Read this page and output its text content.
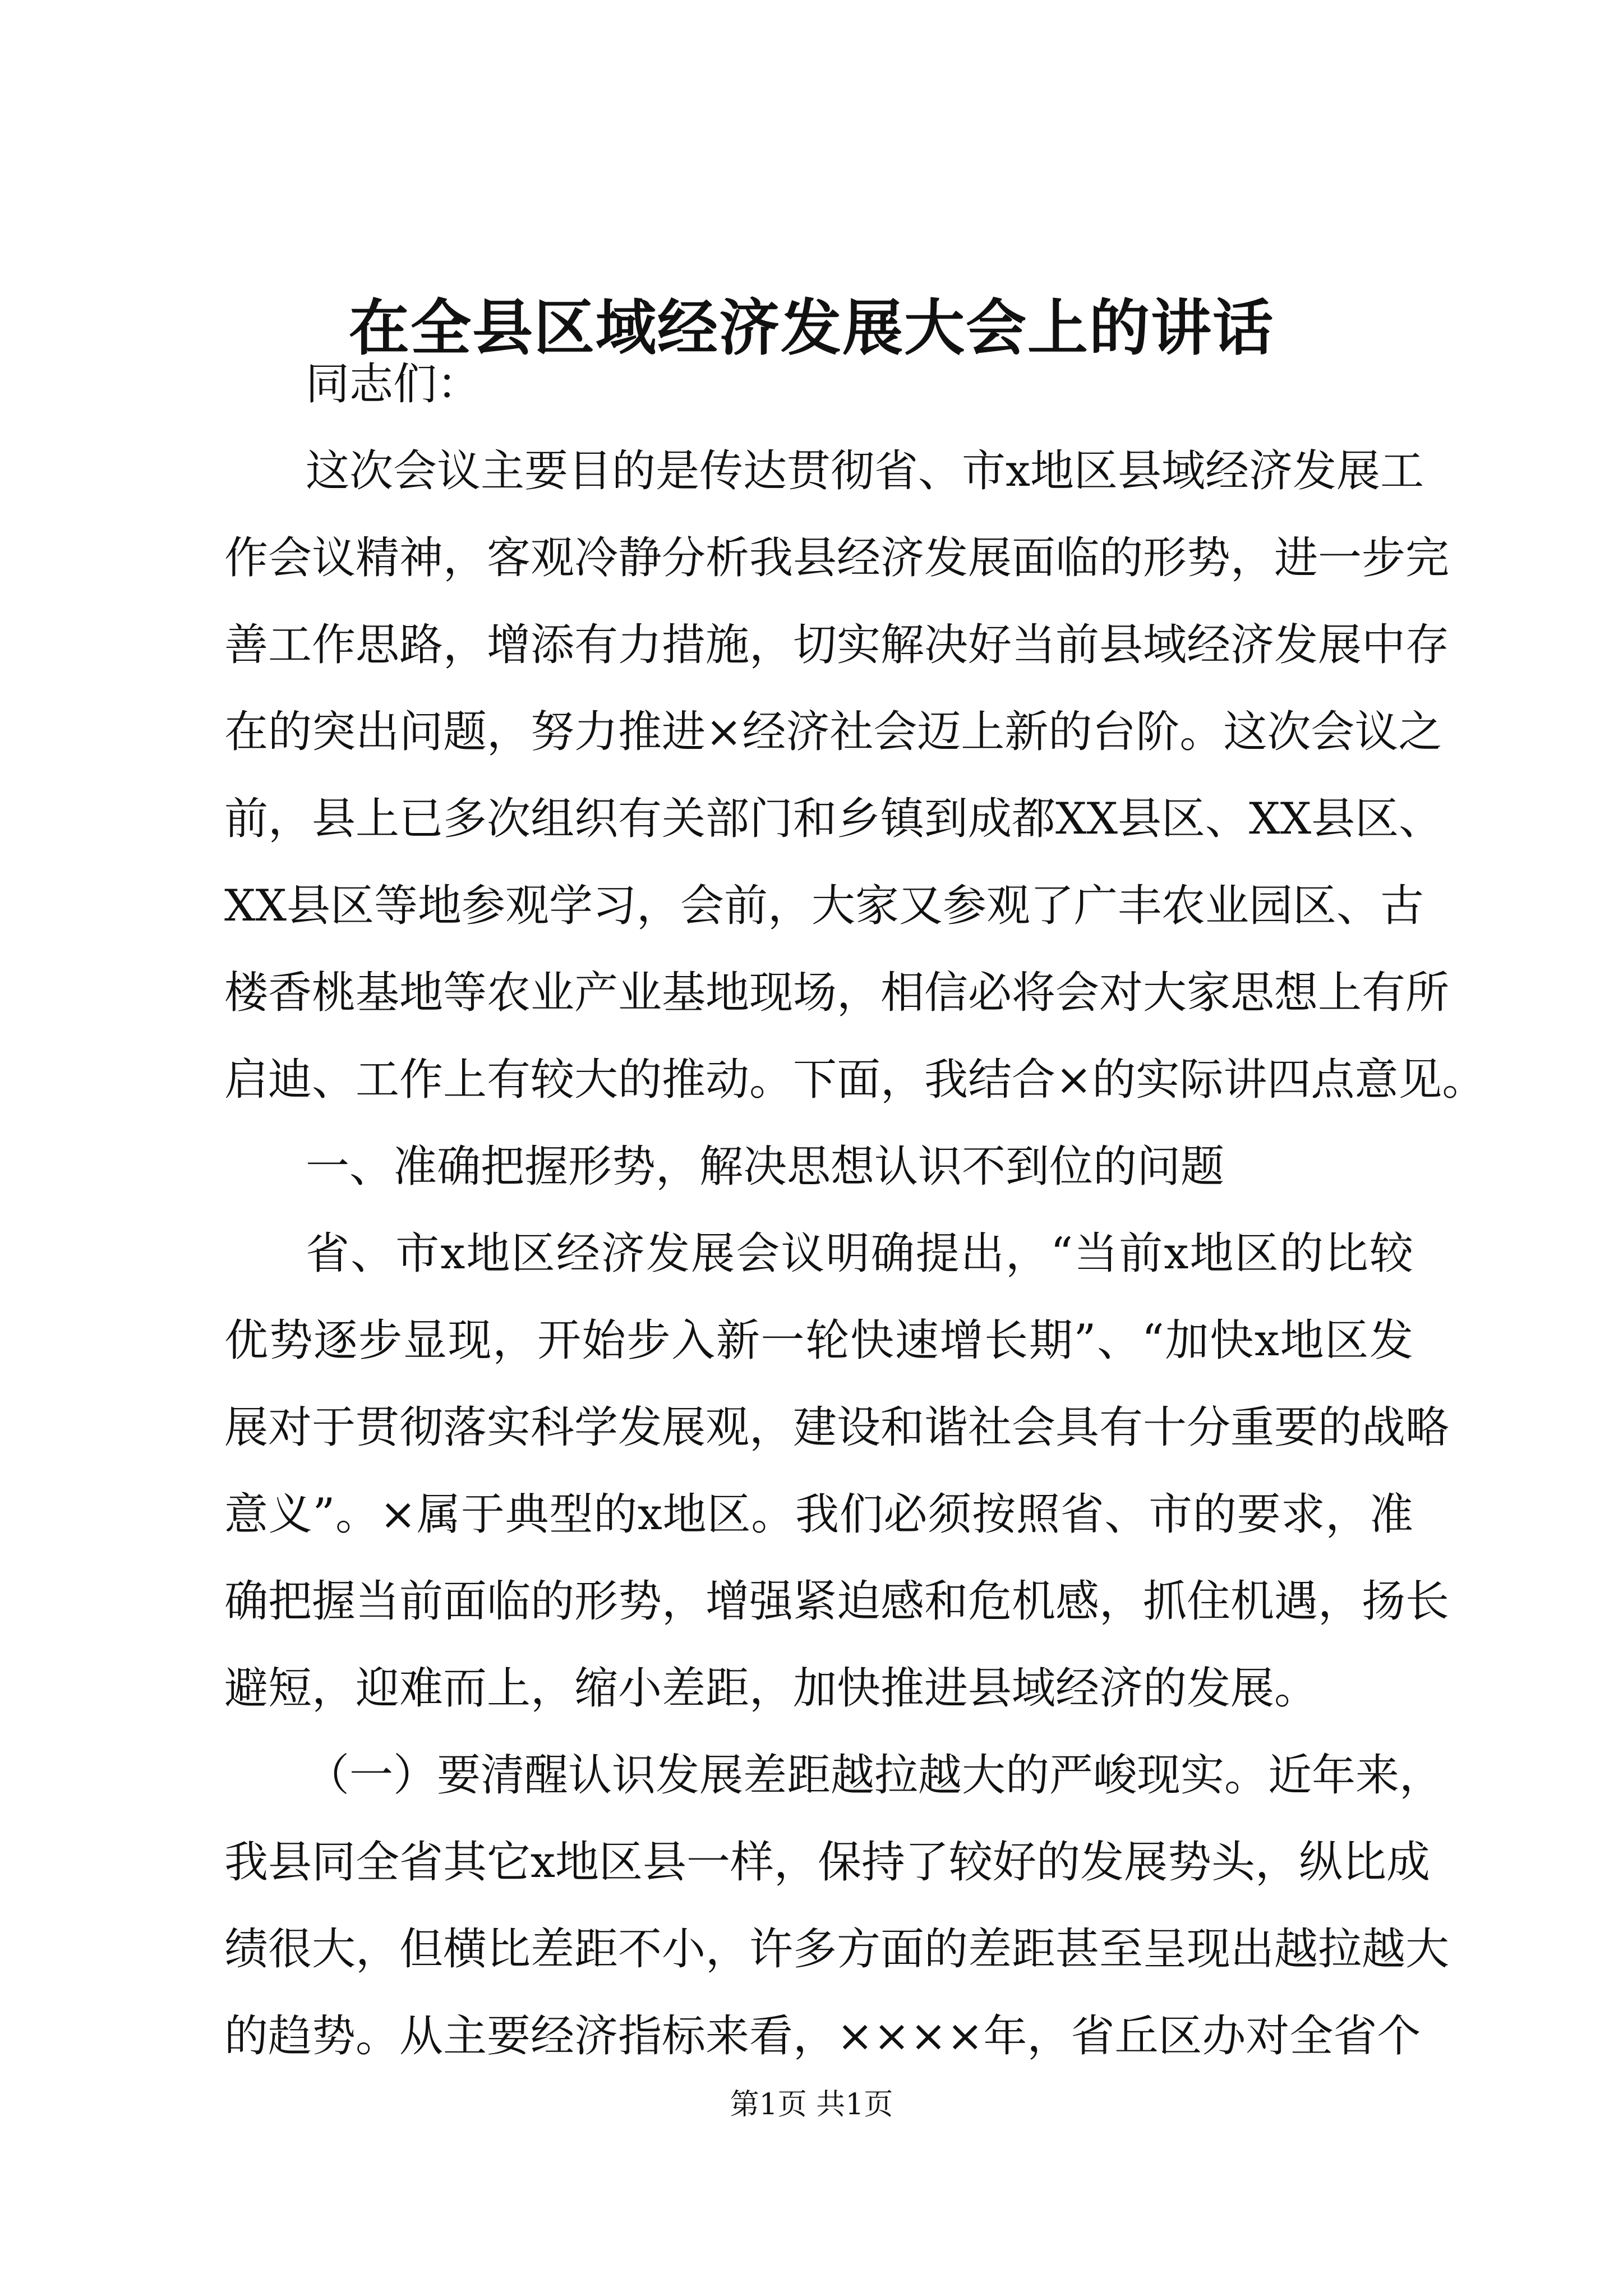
在全县区域经济发展大会上的讲话
同志们：
这次会议主要目的是传达贯彻省、市x地区县域经济发展工
作会议精神，客观冷静分析我县经济发展面临的形势，进一步完
善工作思路，增添有力措施，切实解决好当前县域经济发展中存
在的突出问题，努力推进×经济社会迈上新的台阶。这次会议之
前，县上已多次组织有关部门和乡镇到成都XX县区、XX县区、
XX县区等地参观学习，会前，大家又参观了广丰农业园区、古
楼香桃基地等农业产业基地现场，相信必将会对大家思想上有所
启迪、工作上有较大的推动。下面，我结合×的实际讲四点意见。
一、准确把握形势，解决思想认识不到位的问题
省、市x地区经济发展会议明确提出，“当前x地区的比较
优势逐步显现，开始步入新一轮快速增长期”、“加快x地区发
展对于贯彻落实科学发展观，建设和谐社会具有十分重要的战略
意义”。×属于典型的x地区。我们必须按照省、市的要求，准
确把握当前面临的形势，增强紧迫感和危机感，抓住机遇，扬长
避短，迎难而上，缩小差距，加快推进县域经济的发展。
（一）要清醒认识发展差距越拉越大的严峻现实。近年来，
我县同全省其它x地区县一样，保持了较好的发展势头，纵比成
绩很大，但横比差距不小，许多方面的差距甚至呈现出越拉越大
的趋势。从主要经济指标来看，××××年，省丘区办对全省个
第1页 共1页
